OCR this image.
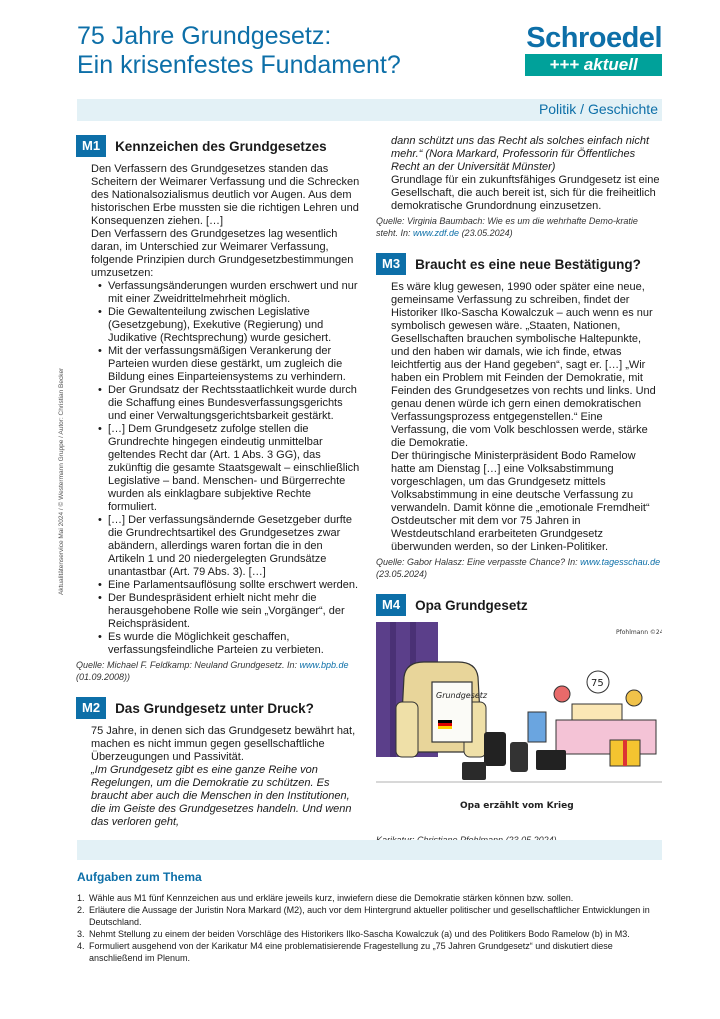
75 Jahre Grundgesetz:
Ein krisenfestes Fundament?
Schroedel
+++ aktuell
Politik / Geschichte
Aktualitätenservice Mai 2024 / © Westermann Gruppe / Autor: Christian Becker
M1	Kennzeichen des Grundgesetzes

Den Verfassern des Grundgesetzes standen das Scheitern der Weimarer Verfassung und die Schrecken des Nationalsozialismus deutlich vor Augen. Aus dem historischen Erbe mussten sie die richtigen Lehren und Konsequenzen ziehen. […]

Den Verfassern des Grundgesetzes lag wesentlich daran, im Unterschied zur Weimarer Verfassung, folgende Prinzipien durch Grundgesetzbestimmungen umzusetzen:

• Verfassungsänderungen wurden erschwert und nur mit einer Zweidrittelmehrheit möglich.
• Die Gewaltenteilung zwischen Legislative (Gesetzgebung), Exekutive (Regierung) und Judikative (Rechtsprechung) wurde gesichert.
• Mit der verfassungsmäßigen Verankerung der Parteien wurden diese gestärkt, um zugleich die Bildung eines Einparteiensystems zu verhindern.
• Der Grundsatz der Rechtsstaatlichkeit wurde durch die Schaffung eines Bundesverfassungsgerichts und einer Verwaltungsgerichtsbarkeit gestärkt.
• […] Dem Grundgesetz zufolge stellen die Grundrechte hingegen eindeutig unmittelbar geltendes Recht dar (Art. 1 Abs. 3 GG), das zukünftig die gesamte Staatsgewalt – einschließlich Legislative – band. Menschen- und Bürgerrechte wurden als einklagbare subjektive Rechte formuliert.
• […] Der verfassungsändernde Gesetzgeber durfte die Grundrechtsartikel des Grundgesetzes zwar abändern, allerdings waren fortan die in den Artikeln 1 und 20 niedergelegten Grundsätze unantastbar (Art. 79 Abs. 3). […]
• Eine Parlamentsauflösung sollte erschwert werden.
• Der Bundespräsident erhielt nicht mehr die herausgehobene Rolle wie sein „Vorgänger“, der Reichspräsident.
• Es wurde die Möglichkeit geschaffen, verfassungsfeindliche Parteien zu verbieten.
Quelle: Michael F. Feldkamp: Neuland Grundgesetz. In: www.bpb.de
(01.09.2008))
M2	Das Grundgesetz unter Druck?

75 Jahre, in denen sich das Grundgesetz bewährt hat, machen es nicht immun gegen gesellschaftliche Überzeugungen und Passivität.

„Im Grundgesetz gibt es eine ganze Reihe von Regelungen, um die Demokratie zu schützen. Es braucht aber auch die Menschen in den Institutionen, die im Geiste des Grundgesetzes handeln. Und wenn das verloren geht,

dann schützt uns das Recht als solches einfach nicht mehr.“ (Nora Markard, Professorin für Öffentliches Recht an der Universität Münster)

Grundlage für ein zukunftsfähiges Grundgesetz ist eine Gesellschaft, die auch bereit ist, sich für die freiheitlich demokratische Grundordnung einzusetzen.

Quelle: Virginia Baumbach: Wie es um die wehrhafte Demo-kratie steht. In: www.zdf.de (23.05.2024)
M3	Braucht es eine neue Bestätigung?

Es wäre klug gewesen, 1990 oder später eine neue, gemeinsame Verfassung zu schreiben, findet der Historiker Ilko-Sascha Kowalczuk – auch wenn es nur symbolisch gewesen wäre. „Staaten, Nationen, Gesellschaften brauchen symbolische Haltepunkte, und den haben wir damals, wie ich finde, etwas leichtfertig aus der Hand gegeben“, sagt er. […] „Wir haben ein Problem mit Feinden der Demokratie, mit Feinden des Grundgesetzes von rechts und links. Und genau denen würde ich gern einen demokratischen Verfassungsprozess entgegenstellen.“ Eine Verfassung, die vom Volk beschlossen werde, stärke die Demokratie.

Der thüringische Ministerpräsident Bodo Ramelow hatte am Dienstag […] eine Volksabstimmung vorgeschlagen, um das Grundgesetz mittels Volksabstimmung in eine deutsche Verfassung zu verwandeln. Damit könne die „emotionale Fremdheit“ Ostdeutscher mit dem vor 75 Jahren in Westdeutschland erarbeiteten Grundgesetz überwunden werden, so der Linken-Politiker.

Quelle: Gabor Halasz: Eine verpasste Chance? In: www.tagesschau.de
(23.05.2024)
M4	Opa Grundgesetz
Grundgesetz
75
Pfohlmann ©24
Opa erzählt vom Krieg
Aufgaben zum Thema
1. Wähle aus M1 fünf Kennzeichen aus und erkläre jeweils kurz, inwiefern diese die Demokratie stärken können bzw. sollen.
2. Erläutere die Aussage der Juristin Nora Markard (M2), auch vor dem Hintergrund aktueller politischer und gesellschaftlicher Entwicklungen in Deutschland.
3. Nehmt Stellung zu einem der beiden Vorschläge des Historikers Ilko-Sascha Kowalczuk (a) und des Politikers Bodo Ramelow (b) in M3.
4. Formuliert ausgehend von der Karikatur M4 eine problematisierende Fragestellung zu „75 Jahren Grundgesetz“ und diskutiert diese anschließend im Plenum.
